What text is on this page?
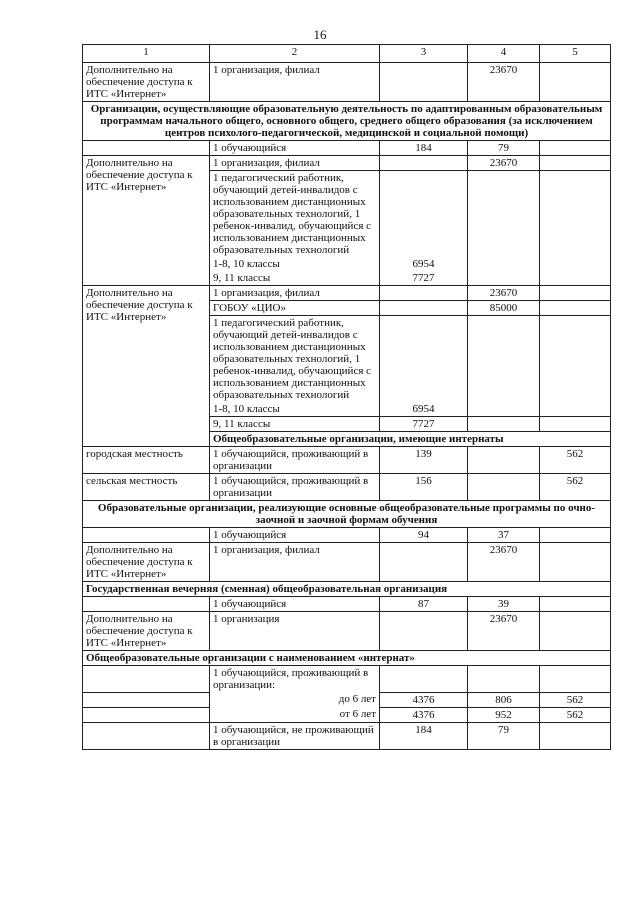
16
1	2	3	4	5
Дополнительно на обеспечение доступа к ИТС «Интернет»	1 организация, филиал		23670	
Организации, осуществляющие образовательную деятельность по адаптированным образовательным программам начального общего, основного общего, среднего общего образования (за исключением центров психолого-педагогической, медицинской и социальной помощи)				
	1 обучающийся	184	79	
Дополнительно на обеспечение доступа к ИТС «Интернет»	1 организация, филиал		23670	
	1 педагогический работник, обучающий детей-инвалидов с использованием дистанционных образовательных технологий, 1 ребенок-инвалид, обучающийся с использованием дистанционных образовательных технологий			
	1-8, 10 классы	6954		
	9, 11 классы	7727		
Дополнительно на обеспечение доступа к ИТС «Интернет»	1 организация, филиал		23670	
	ГОБОУ «ЦИО»		85000	
	1 педагогический работник, обучающий детей-инвалидов с использованием дистанционных образовательных технологий, 1 ребенок-инвалид, обучающийся с использованием дистанционных образовательных технологий			
	1-8, 10 классы	6954		
	9, 11 классы	7727		
	Общеобразовательные организации, имеющие интернаты			
городская местность	1 обучающийся, проживающий в организации	139		562
сельская местность	1 обучающийся, проживающий в организации	156		562
Образовательные организации, реализующие основные общеобразовательные программы по очно-заочной и заочной формам обучения				
	1 обучающийся	94	37	
Дополнительно на обеспечение доступа к ИТС «Интернет»	1 организация, филиал		23670	
Государственная вечерняя (сменная) общеобразовательная организация				
	1 обучающийся	87	39	
Дополнительно на обеспечение доступа к ИТС «Интернет»	1 организация		23670	
Общеобразовательные организации с наименованием «интернат»				
	1 обучающийся, проживающий в организации:			
	до 6 лет	4376	806	562
	от 6 лет	4376	952	562
	1 обучающийся, не проживающий в организации	184	79	
